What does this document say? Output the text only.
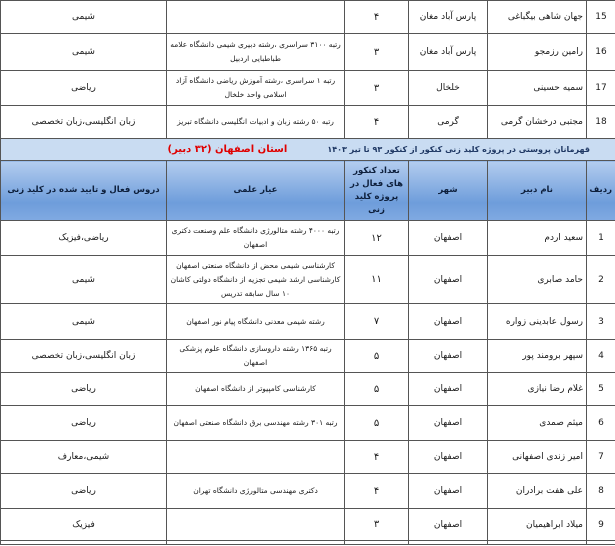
15	جهان شاهی بیگباغی	پارس آباد مغان	۴		شیمی
16	رامین رزمجو	پارس آباد مغان	۳	رتبه ۳۱۰۰ سراسری ،رشته دبیری شیمی دانشگاه علامه طباطبایی اردبیل	شیمی
17	سمیه حسینی	خلخال	۳	رتبه ۱ سراسری ،رشته آموزش ریاضی دانشگاه آزاد اسلامی واحد خلخال	ریاضی
18	مجتبی درخشان گرمی	گرمی	۴	رتبه ۵۰ رشته زبان و ادبیات انگلیسی دانشگاه تبریز	زبان انگلیسی،زبان تخصصی

قهرمانان پروستی در پروژه کلید زنی کنکور از کنکور ۹۳ تا تیر ۱۴۰۳
استان اصفهان (۳۲ دبیر)					

ردیف	نام دبیر	شهر	تعداد کنکور های فعال در پروژه کلید زنی	عیار علمی	دروس فعال و تایید شده در کلید زنی
1	سعید اردم	اصفهان	۱۲	رتبه ۴۰۰۰ رشته متالورژی دانشگاه علم وصنعت دکتری اصفهان	ریاضی،فیزیک
2	حامد صابری	اصفهان	۱۱	کارشناسی شیمی محض از دانشگاه صنعتی اصفهان کارشناسی ارشد شیمی تجزیه از دانشگاه دولتی کاشان ۱۰ سال سابقه تدریس	شیمی
3	رسول عابدینی زواره	اصفهان	۷	رشته شیمی معدنی دانشگاه پیام نور اصفهان	شیمی
4	سپهر برومند پور	اصفهان	۵	رتبه ۱۳۶۵ رشته داروسازی دانشگاه علوم پزشکی اصفهان	زبان انگلیسی،زبان تخصصی
5	غلام رضا نیازی	اصفهان	۵	کارشناسی کامپیوتر از دانشگاه اصفهان	ریاضی
6	میثم صمدی	اصفهان	۵	رتبه ۳۰۱ رشته مهندسی برق دانشگاه صنعتی اصفهان	ریاضی
7	امیر زندی اصفهانی	اصفهان	۴		شیمی،معارف
8	علی هفت برادران	اصفهان	۴	دکتری مهندسی متالورژی دانشگاه تهران	ریاضی
9	میلاد ابراهیمیان	اصفهان	۳		فیزیک
